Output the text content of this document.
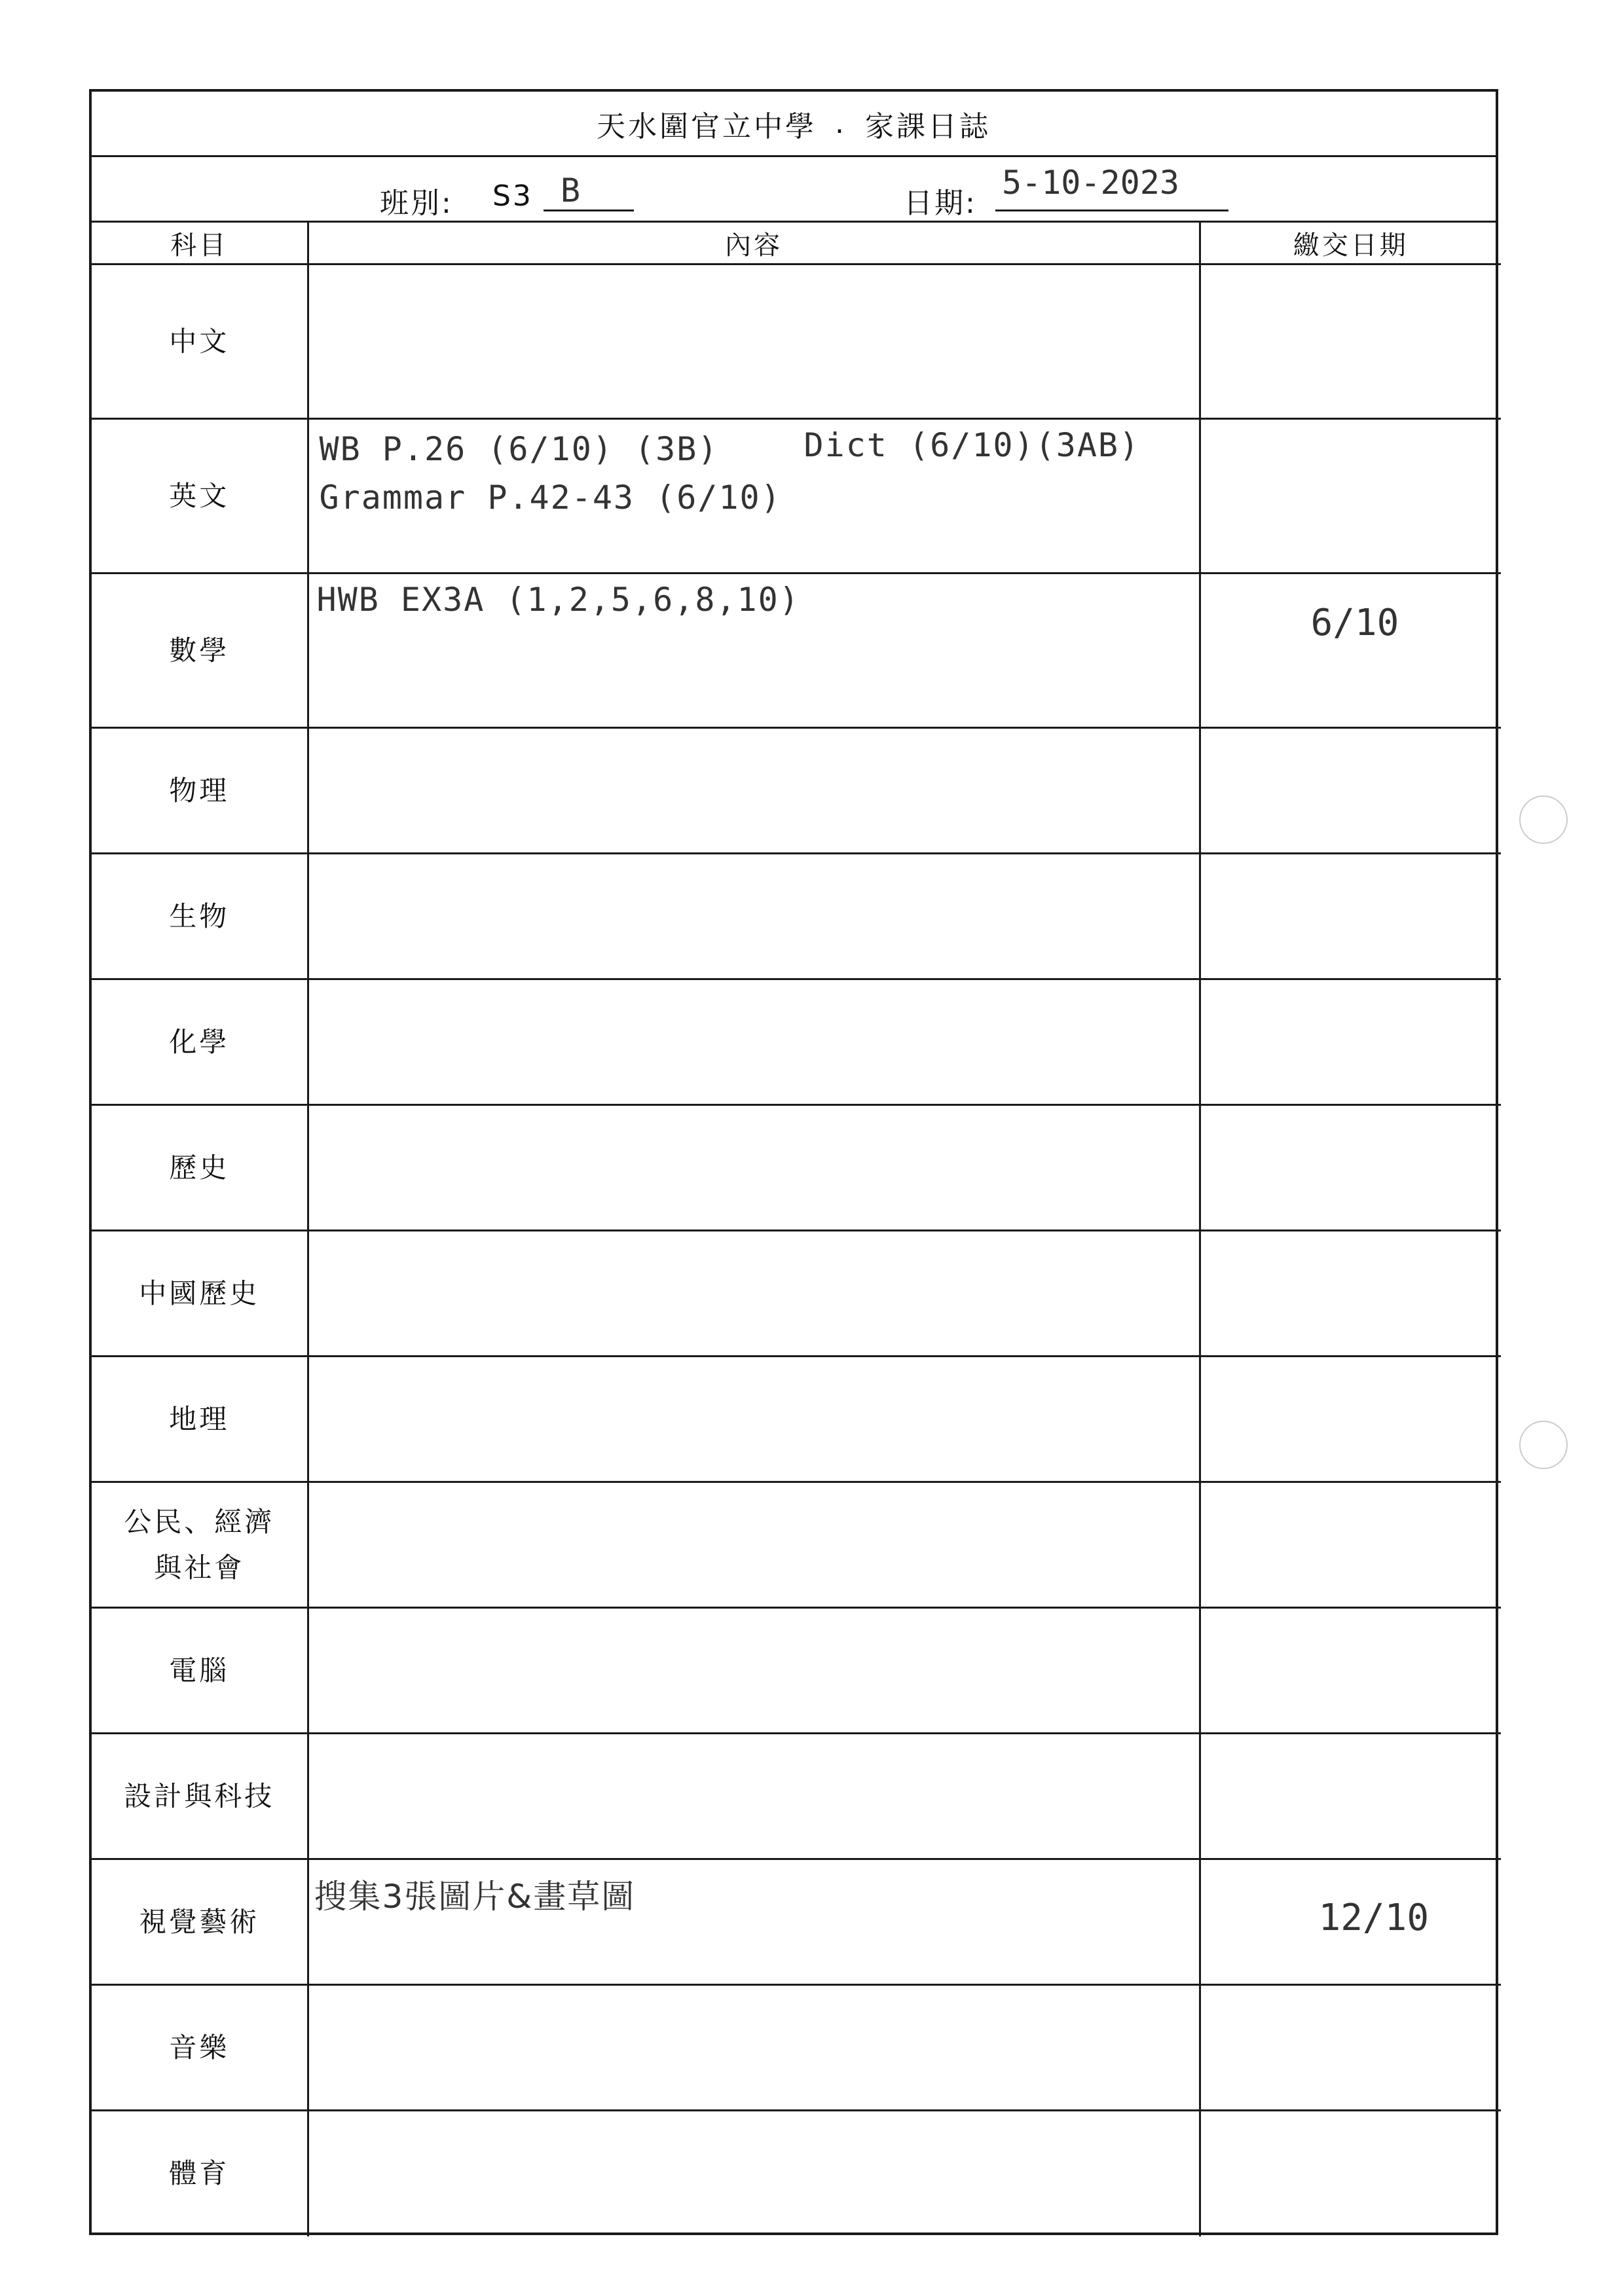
天水圍官立中學 . 家課日誌
班別: S3 B	日期:
5-10-2023
科目	內容	繳交日期
中文		
英文	WB P.26 (6/10) (3B) Dict (6/10)(3AB)
Grammar P.42-43 (6/10)	

數學	HWB EX3A (1,2,5,6,8,10)	6/10

物理		
生物		
化學		
歷史		
中國歷史		
地理		
公民、經濟與社會		
電腦		
設計與科技		
視覺藝術	搜集3張圖片&畫草圖	12/10

音樂		
體育		
